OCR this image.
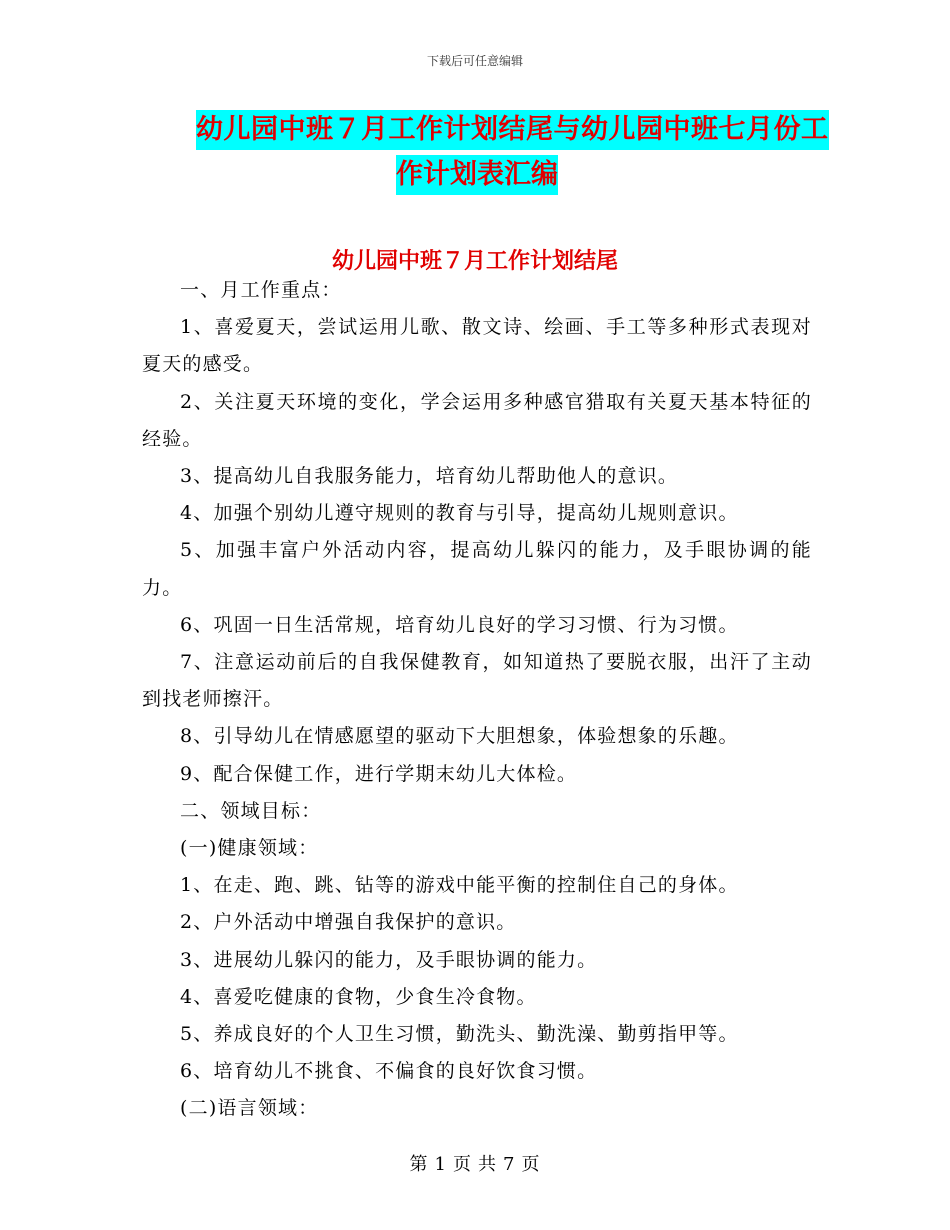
下载后可任意编辑
幼儿园中班７月工作计划结尾与幼儿园中班七月份工
作计划表汇编
幼儿园中班７月工作计划结尾

一、月工作重点：

1、喜爱夏天，尝试运用儿歌、散文诗、绘画、手工等多种形式表现对夏天的感受。

2、关注夏天环境的变化，学会运用多种感官猎取有关夏天基本特征的经验。

3、提高幼儿自我服务能力，培育幼儿帮助他人的意识。

4、加强个别幼儿遵守规则的教育与引导，提高幼儿规则意识。

5、加强丰富户外活动内容，提高幼儿躲闪的能力，及手眼协调的能力。

6、巩固一日生活常规，培育幼儿良好的学习习惯、行为习惯。

7、注意运动前后的自我保健教育，如知道热了要脱衣服，出汗了主动到找老师擦汗。

8、引导幼儿在情感愿望的驱动下大胆想象，体验想象的乐趣。

9、配合保健工作，进行学期末幼儿大体检。

二、领域目标：

(一)健康领域：

1、在走、跑、跳、钻等的游戏中能平衡的控制住自己的身体。

2、户外活动中增强自我保护的意识。

3、进展幼儿躲闪的能力，及手眼协调的能力。

4、喜爱吃健康的食物，少食生冷食物。

5、养成良好的个人卫生习惯，勤洗头、勤洗澡、勤剪指甲等。

6、培育幼儿不挑食、不偏食的良好饮食习惯。

(二)语言领域：

第 1 页 共 7 页
